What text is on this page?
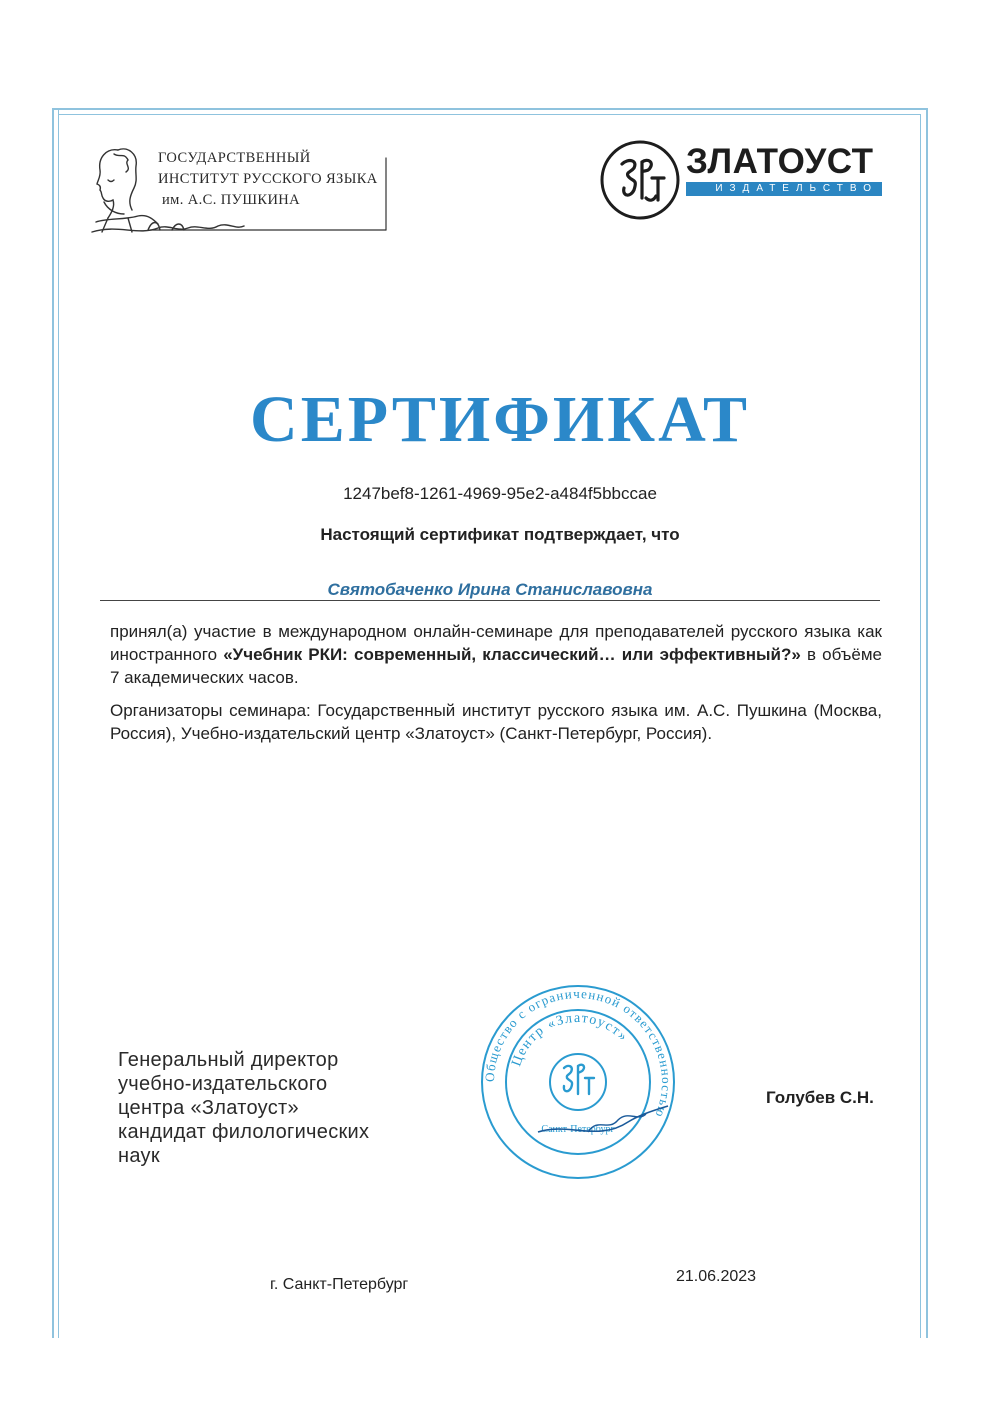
ГОСУДАРСТВЕННЫЙ
ИНСТИТУТ РУССКОГО ЯЗЫКА
им. А.С. ПУШКИНА
ЗЛАТОУСТ
ИЗДАТЕЛЬСТВО
СЕРТИФИКАТ
1247bef8-1261-4969-95e2-a484f5bbccae
Настоящий сертификат подтверждает, что
Святобаченко Ирина Станиславовна

принял(а) участие в международном онлайн-семинаре для преподавателей русского языка как иностранного «Учебник РКИ: современный, классический… или эффективный?» в объёме 7 академических часов.

Организаторы семинара: Государственный институт русского языка им. А.С. Пушкина (Москва, Россия), Учебно-издательский центр «Златоуст» (Санкт-Петербург, Россия).

Генеральный директор
учебно-издательского
центра «Златоуст»
кандидат филологических
наук
Общество с ограниченной ответственностью
Центр «Златоуст»
Санкт-Петербург
Голубев С.Н.
г. Санкт-Петербург	21.06.2023
